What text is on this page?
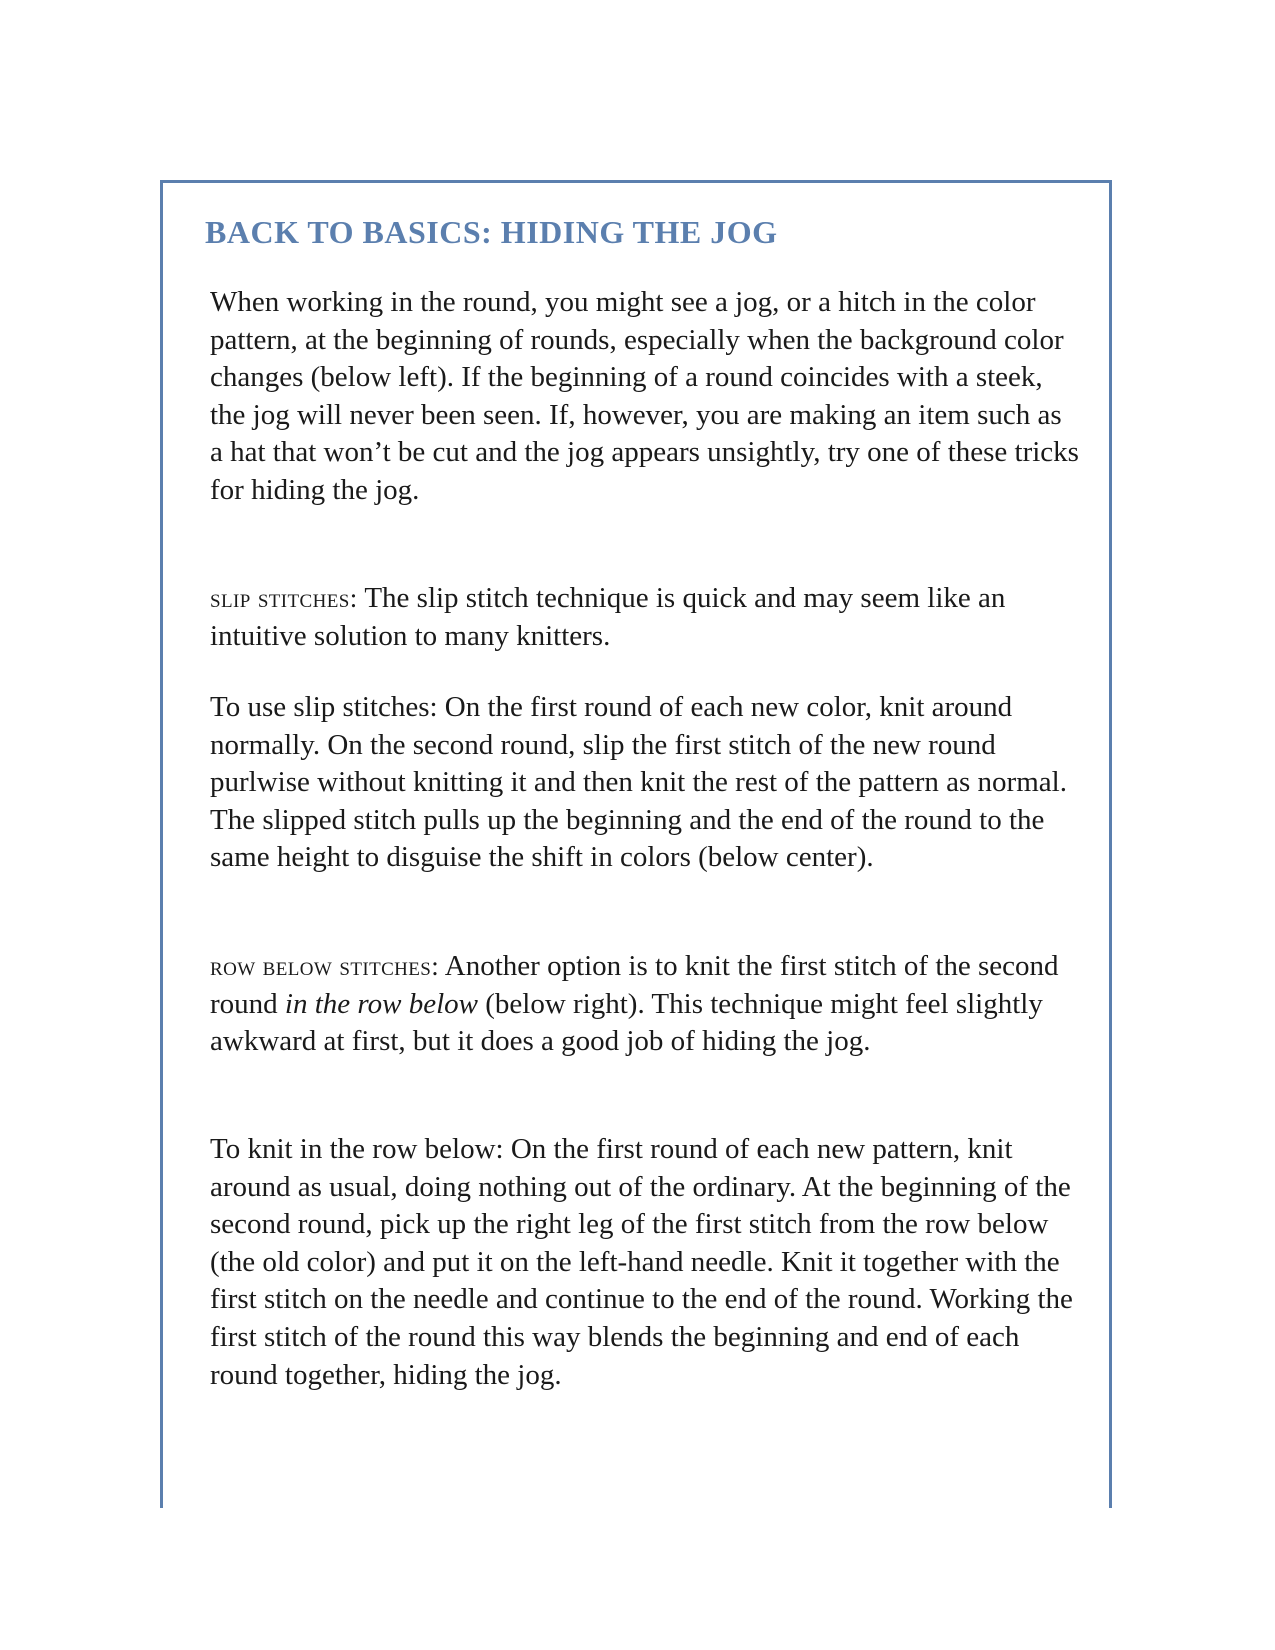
BACK TO BASICS: HIDING THE JOG

When working in the round, you might see a jog, or a hitch in the color pattern, at the beginning of rounds, especially when the background color changes (below left). If the beginning of a round coincides with a steek, the jog will never been seen. If, however, you are making an item such as a hat that won’t be cut and the jog appears unsightly, try one of these tricks for hiding the jog.

slip stitches: The slip stitch technique is quick and may seem like an intuitive solution to many knitters.

To use slip stitches: On the first round of each new color, knit around normally. On the second round, slip the first stitch of the new round purlwise without knitting it and then knit the rest of the pattern as normal. The slipped stitch pulls up the beginning and the end of the round to the same height to disguise the shift in colors (below center).

row below stitches: Another option is to knit the first stitch of the second round in the row below (below right). This technique might feel slightly awkward at first, but it does a good job of hiding the jog.

To knit in the row below: On the first round of each new pattern, knit around as usual, doing nothing out of the ordinary. At the beginning of the second round, pick up the right leg of the first stitch from the row below (the old color) and put it on the left-hand needle. Knit it together with the first stitch on the needle and continue to the end of the round. Working the first stitch of the round this way blends the beginning and end of each round together, hiding the jog.
